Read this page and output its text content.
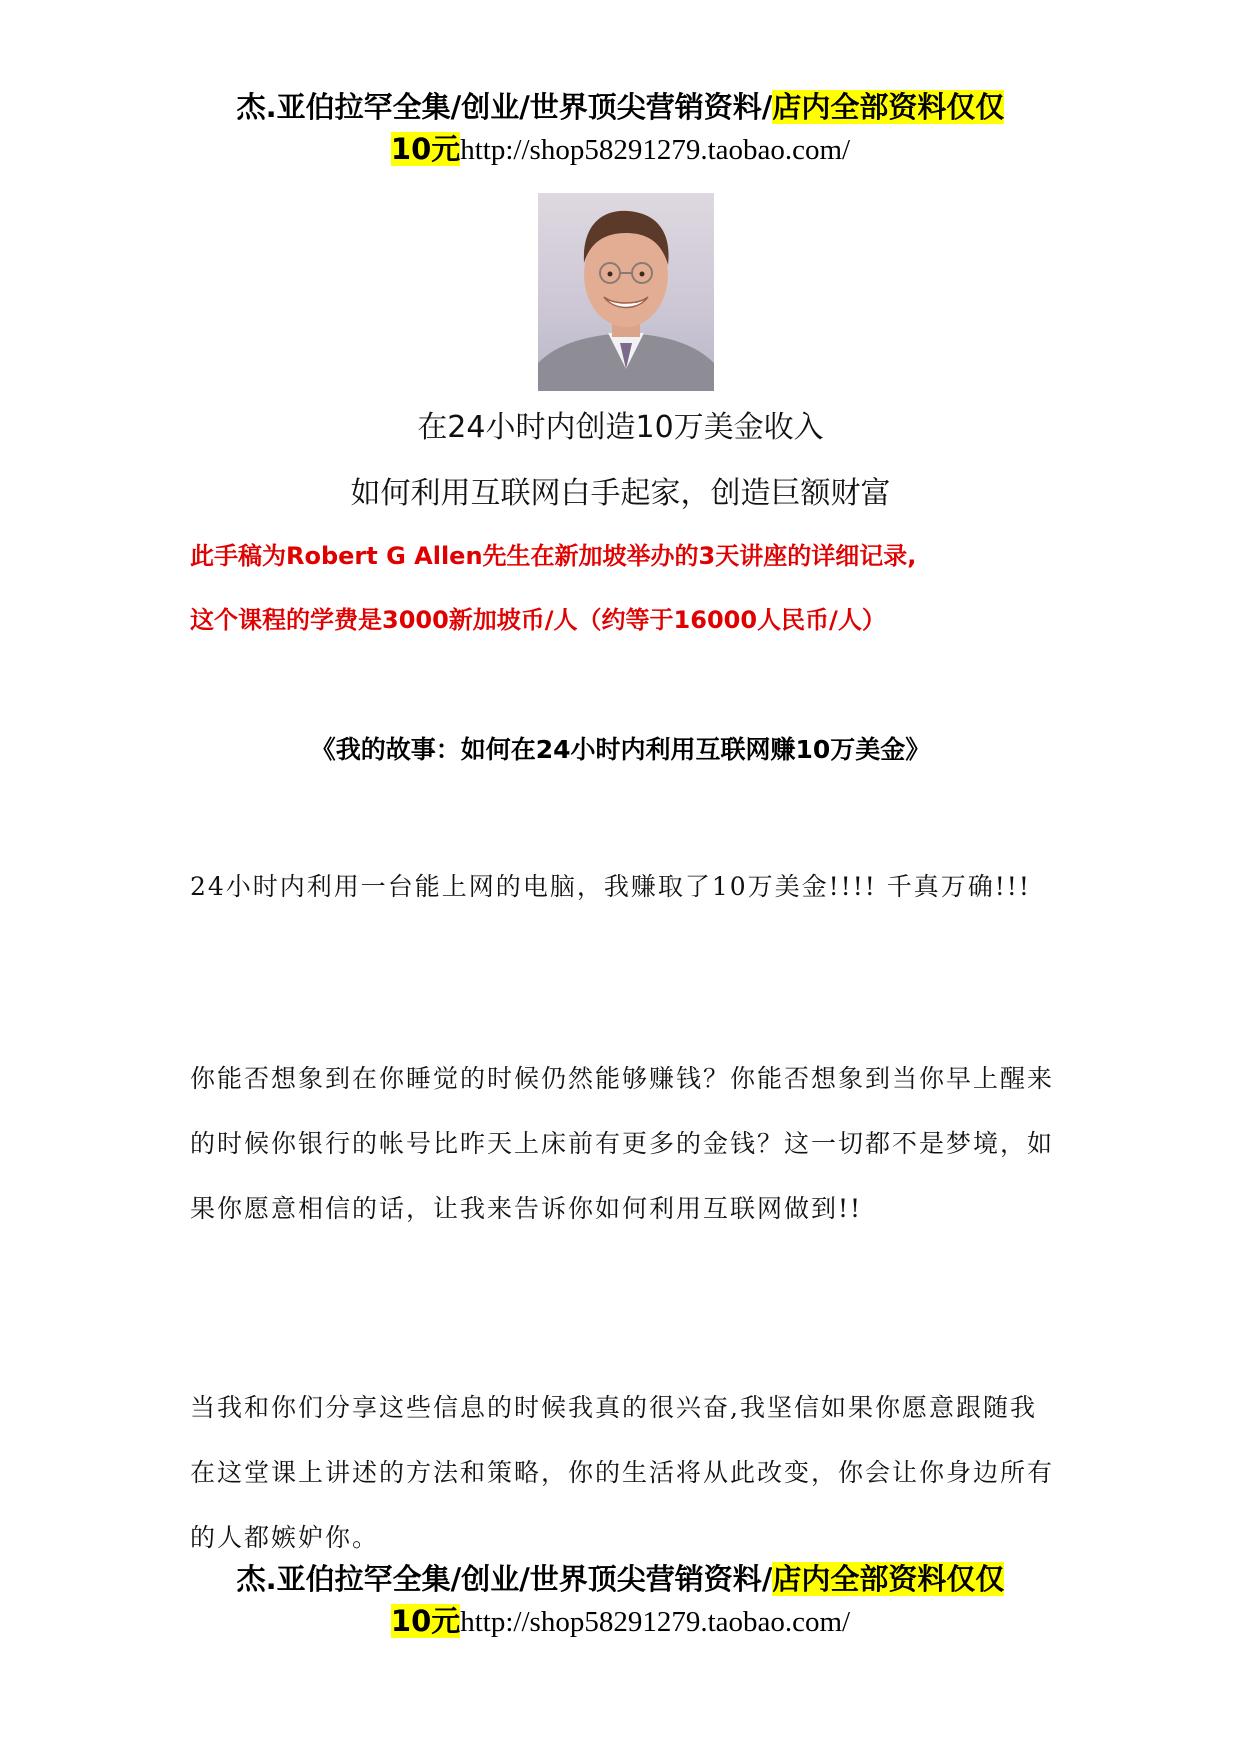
杰.亚伯拉罕全集/创业/世界顶尖营销资料/店内全部资料仅仅
10元http://shop58291279.taobao.com/
在24小时内创造10万美金收入
如何利用互联网白手起家，创造巨额财富
此手稿为Robert G Allen先生在新加坡举办的3天讲座的详细记录,
这个课程的学费是3000新加坡币/人（约等于16000人民币/人）
《我的故事：如何在24小时内利用互联网赚10万美金》
24小时内利用一台能上网的电脑，我赚取了10万美金!!!! 千真万确!!!
你能否想象到在你睡觉的时候仍然能够赚钱？你能否想象到当你早上醒来的时候你银行的帐号比昨天上床前有更多的金钱？这一切都不是梦境，如果你愿意相信的话，让我来告诉你如何利用互联网做到!!
当我和你们分享这些信息的时候我真的很兴奋,我坚信如果你愿意跟随我在这堂课上讲述的方法和策略，你的生活将从此改变，你会让你身边所有的人都嫉妒你。
杰.亚伯拉罕全集/创业/世界顶尖营销资料/店内全部资料仅仅
10元http://shop58291279.taobao.com/
